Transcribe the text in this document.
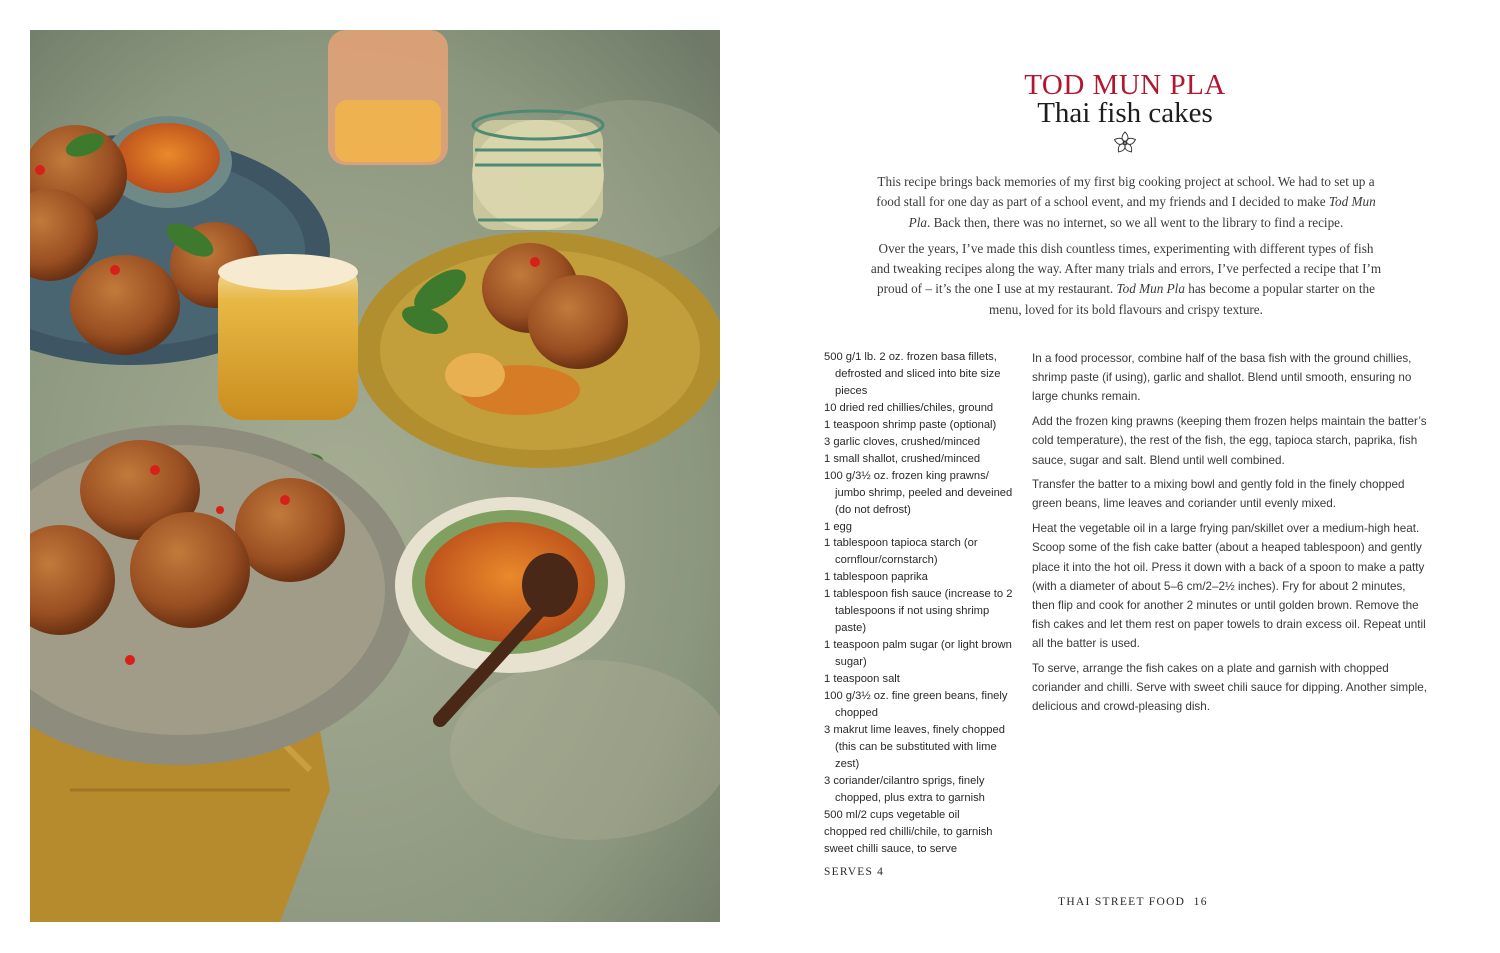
TOD MUN PLA
Thai fish cakes

This recipe brings back memories of my first big cooking project at school. We had to set up a food stall for one day as part of a school event, and my friends and I decided to make Tod Mun Pla. Back then, there was no internet, so we all went to the library to find a recipe.

Over the years, I’ve made this dish countless times, experimenting with different types of fish and tweaking recipes along the way. After many trials and errors, I’ve perfected a recipe that I’m proud of – it’s the one I use at my restaurant. Tod Mun Pla has become a popular starter on the menu, loved for its bold flavours and crispy texture.

500 g/1 lb. 2 oz. frozen basa fillets, defrosted and sliced into bite size pieces
10 dried red chillies/chiles, ground
1 teaspoon shrimp paste (optional)
3 garlic cloves, crushed/minced
1 small shallot, crushed/minced
100 g/3½ oz. frozen king prawns/ jumbo shrimp, peeled and deveined (do not defrost)
1 egg
1 tablespoon tapioca starch (or cornflour/cornstarch)
1 tablespoon paprika
1 tablespoon fish sauce (increase to 2 tablespoons if not using shrimp paste)
1 teaspoon palm sugar (or light brown sugar)
1 teaspoon salt
100 g/3½ oz. fine green beans, finely chopped
3 makrut lime leaves, finely chopped (this can be substituted with lime zest)
3 coriander/cilantro sprigs, finely chopped, plus extra to garnish
500 ml/2 cups vegetable oil
chopped red chilli/chile, to garnish
sweet chilli sauce, to serve
SERVES 4

In a food processor, combine half of the basa fish with the ground chillies, shrimp paste (if using), garlic and shallot. Blend until smooth, ensuring no large chunks remain.

Add the frozen king prawns (keeping them frozen helps maintain the batter’s cold temperature), the rest of the fish, the egg, tapioca starch, paprika, fish sauce, sugar and salt. Blend until well combined.

Transfer the batter to a mixing bowl and gently fold in the finely chopped green beans, lime leaves and coriander until evenly mixed.

Heat the vegetable oil in a large frying pan/skillet over a medium-high heat. Scoop some of the fish cake batter (about a heaped tablespoon) and gently place it into the hot oil. Press it down with a back of a spoon to make a patty (with a diameter of about 5–6 cm/2–2½ inches). Fry for about 2 minutes, then flip and cook for another 2 minutes or until golden brown. Remove the fish cakes and let them rest on paper towels to drain excess oil. Repeat until all the batter is used.

To serve, arrange the fish cakes on a plate and garnish with chopped coriander and chilli. Serve with sweet chili sauce for dipping. Another simple, delicious and crowd-pleasing dish.

THAI STREET FOOD 16
